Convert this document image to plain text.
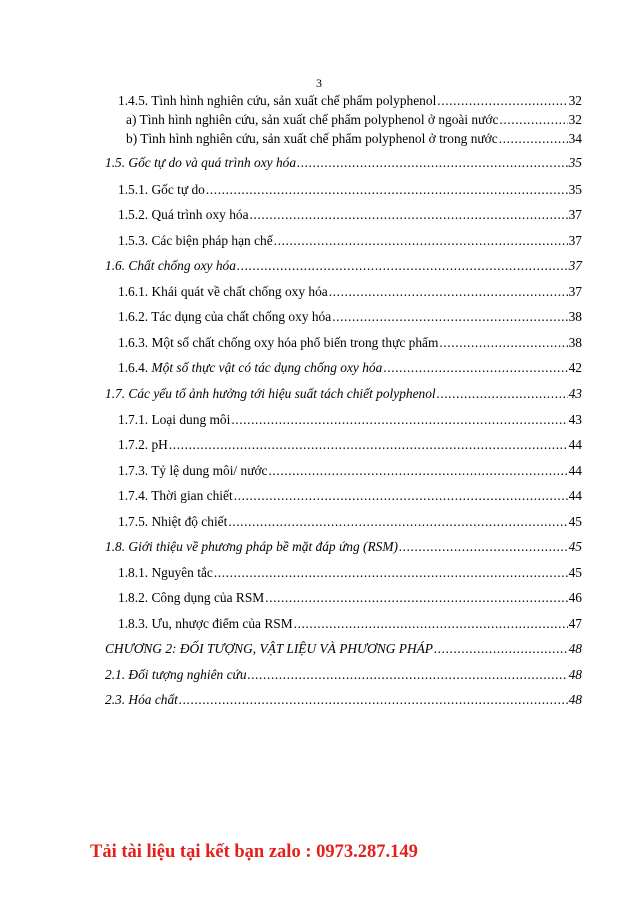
3
1.4.5. Tình hình nghiên cứu, sản xuất chế phẩm polyphenol .....	32
a) Tình hình nghiên cứu, sản xuất chế phẩm polyphenol ở ngoài nước .....	32
b) Tình hình nghiên cứu, sản xuất chế phẩm polyphenol ở trong nước .....	34
1.5. Gốc tự do và quá trình oxy hóa .....	35
1.5.1. Gốc tự do .....	35
1.5.2. Quá trình oxy hóa .....	37
1.5.3. Các biện pháp hạn chế .....	37
1.6. Chất chống oxy hóa .....	37
1.6.1. Khái quát về chất chống oxy hóa .....	37
1.6.2. Tác dụng của chất chống oxy hóa .....	38
1.6.3. Một số chất chống oxy hóa phổ biến trong thực phẩm .....	38
1.6.4. Một số thực vật có tác dụng chống oxy hóa .....	42
1.7. Các yếu tố ảnh hưởng tới hiệu suất tách chiết polyphenol .....	43
1.7.1. Loại dung môi .....	43
1.7.2. pH .....	44
1.7.3. Tỷ lệ dung môi/ nước .....	44
1.7.4. Thời gian chiết .....	44
1.7.5. Nhiệt độ chiết .....	45
1.8. Giới thiệu về phương pháp bề mặt đáp ứng (RSM) .....	45
1.8.1. Nguyên tắc .....	45
1.8.2. Công dụng của RSM .....	46
1.8.3. Ưu, nhược điểm của RSM .....	47
CHƯƠNG 2: ĐỐI TƯỢNG, VẬT LIỆU VÀ PHƯƠNG PHÁP .....	48
2.1. Đối tượng nghiên cứu .....	48
2.3. Hóa chất .....	48
Tải tài liệu tại kết bạn zalo : 0973.287.149
